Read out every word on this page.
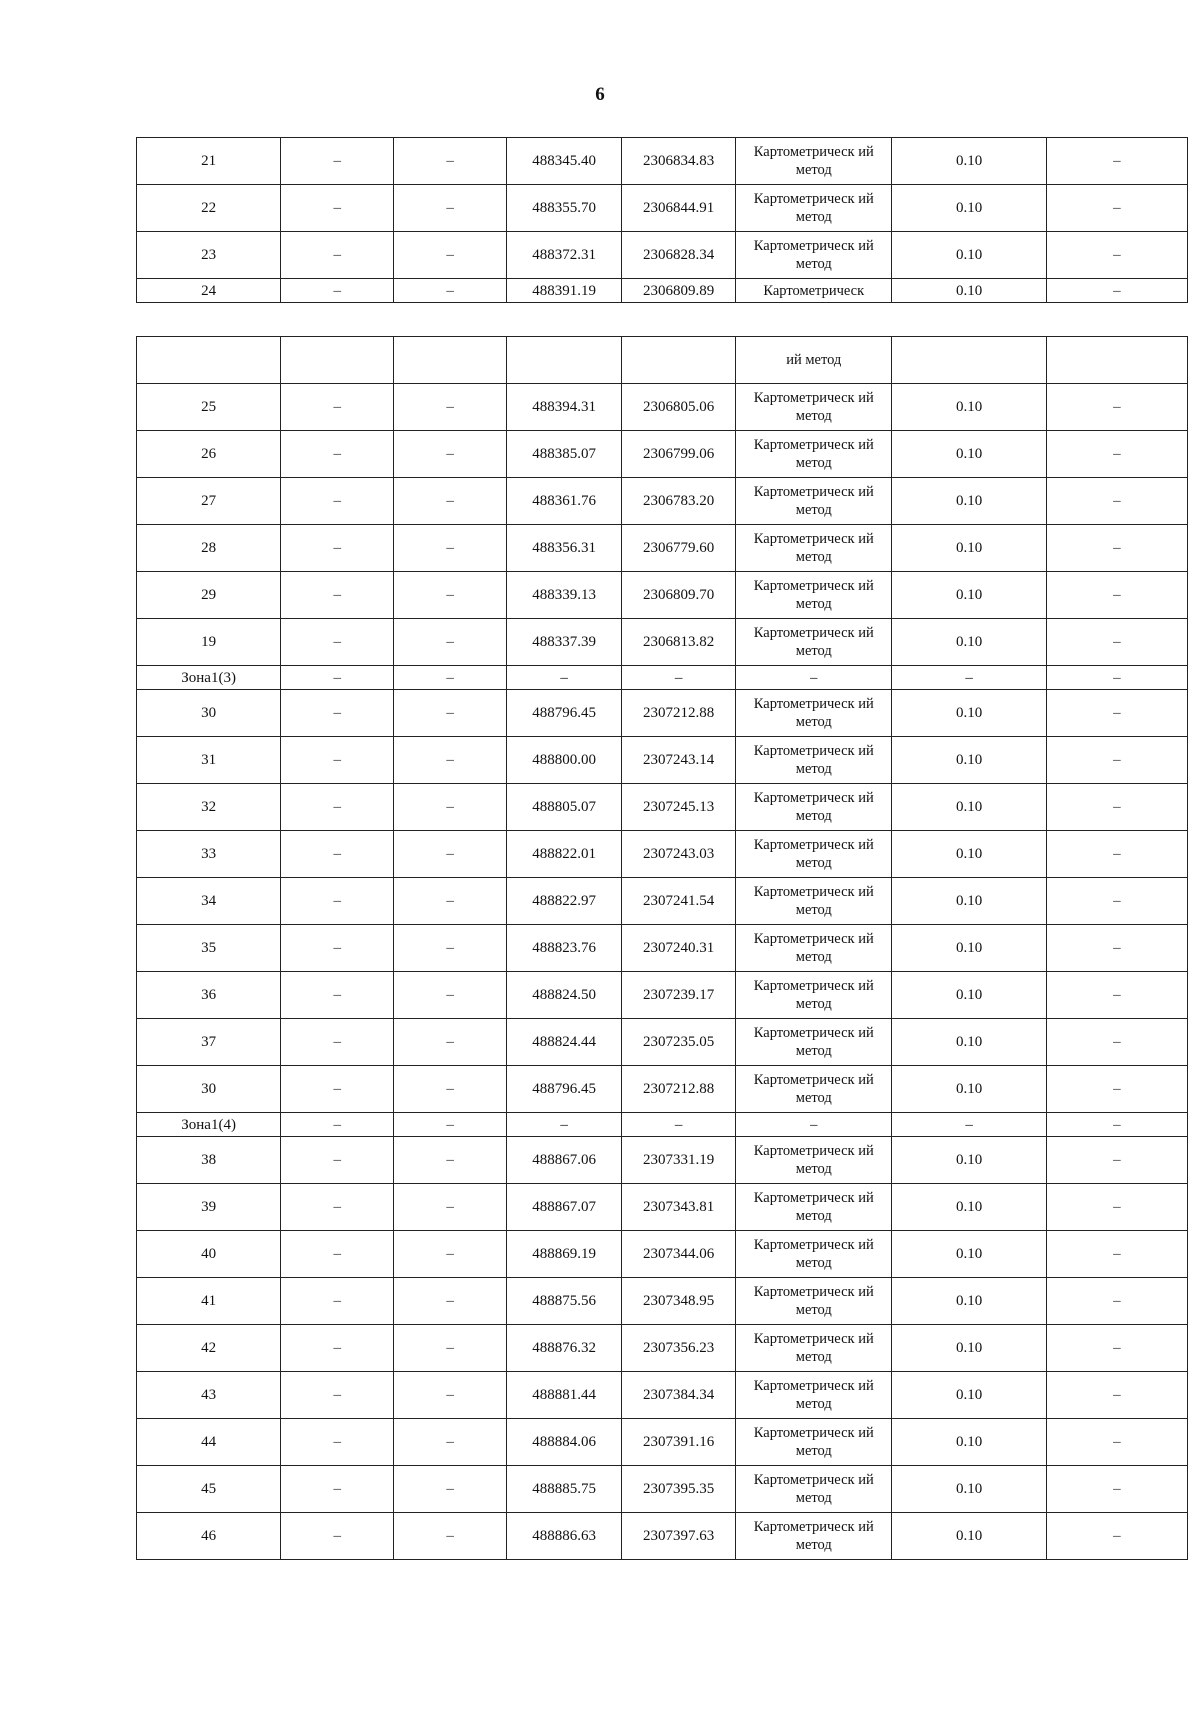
6
21	–	–	488345.40	2306834.83	Картометрическ ий метод	0.10	–
22	–	–	488355.70	2306844.91	Картометрическ ий метод	0.10	–
23	–	–	488372.31	2306828.34	Картометрическ ий метод	0.10	–
24	–	–	488391.19	2306809.89	Картометрическ	0.10	–
					ий метод		
25	–	–	488394.31	2306805.06	Картометрическ ий метод	0.10	–
26	–	–	488385.07	2306799.06	Картометрическ ий метод	0.10	–
27	–	–	488361.76	2306783.20	Картометрическ ий метод	0.10	–
28	–	–	488356.31	2306779.60	Картометрическ ий метод	0.10	–
29	–	–	488339.13	2306809.70	Картометрическ ий метод	0.10	–
19	–	–	488337.39	2306813.82	Картометрическ ий метод	0.10	–
Зона1(3)	–	–	–	–	–	–	–
30	–	–	488796.45	2307212.88	Картометрическ ий метод	0.10	–
31	–	–	488800.00	2307243.14	Картометрическ ий метод	0.10	–
32	–	–	488805.07	2307245.13	Картометрическ ий метод	0.10	–
33	–	–	488822.01	2307243.03	Картометрическ ий метод	0.10	–
34	–	–	488822.97	2307241.54	Картометрическ ий метод	0.10	–
35	–	–	488823.76	2307240.31	Картометрическ ий метод	0.10	–
36	–	–	488824.50	2307239.17	Картометрическ ий метод	0.10	–
37	–	–	488824.44	2307235.05	Картометрическ ий метод	0.10	–
30	–	–	488796.45	2307212.88	Картометрическ ий метод	0.10	–
Зона1(4)	–	–	–	–	–	–	–
38	–	–	488867.06	2307331.19	Картометрическ ий метод	0.10	–
39	–	–	488867.07	2307343.81	Картометрическ ий метод	0.10	–
40	–	–	488869.19	2307344.06	Картометрическ ий метод	0.10	–
41	–	–	488875.56	2307348.95	Картометрическ ий метод	0.10	–
42	–	–	488876.32	2307356.23	Картометрическ ий метод	0.10	–
43	–	–	488881.44	2307384.34	Картометрическ ий метод	0.10	–
44	–	–	488884.06	2307391.16	Картометрическ ий метод	0.10	–
45	–	–	488885.75	2307395.35	Картометрическ ий метод	0.10	–
46	–	–	488886.63	2307397.63	Картометрическ ий метод	0.10	–
